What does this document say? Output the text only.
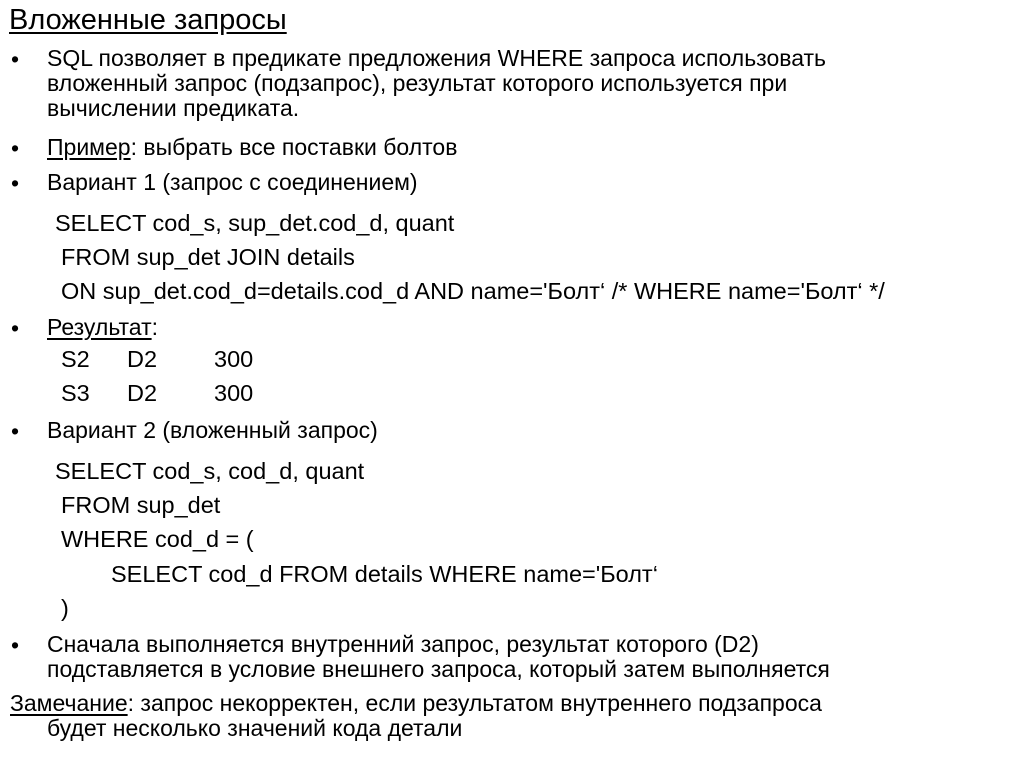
Вложенные запросы
• SQL позволяет в предикате предложения WHERE запроса использовать
вложенный запрос (подзапрос), результат которого используется при
вычислении предиката.
• Пример: выбрать все поставки болтов
• Вариант 1 (запрос с соединением)
SELECT cod_s, sup_det.cod_d, quant
FROM sup_det JOIN details
ON sup_det.cod_d=details.cod_d AND name='Болт‘ /* WHERE name='Болт‘ */
• Результат:
S2 D2 300
S3 D2 300
• Вариант 2 (вложенный запрос)
SELECT cod_s, cod_d, quant
FROM sup_det
WHERE cod_d = (
SELECT cod_d FROM details WHERE name='Болт‘
)
• Сначала выполняется внутренний запрос, результат которого (D2)
подставляется в условие внешнего запроса, который затем выполняется
Замечание: запрос некорректен, если результатом внутреннего подзапроса
будет несколько значений кода детали
